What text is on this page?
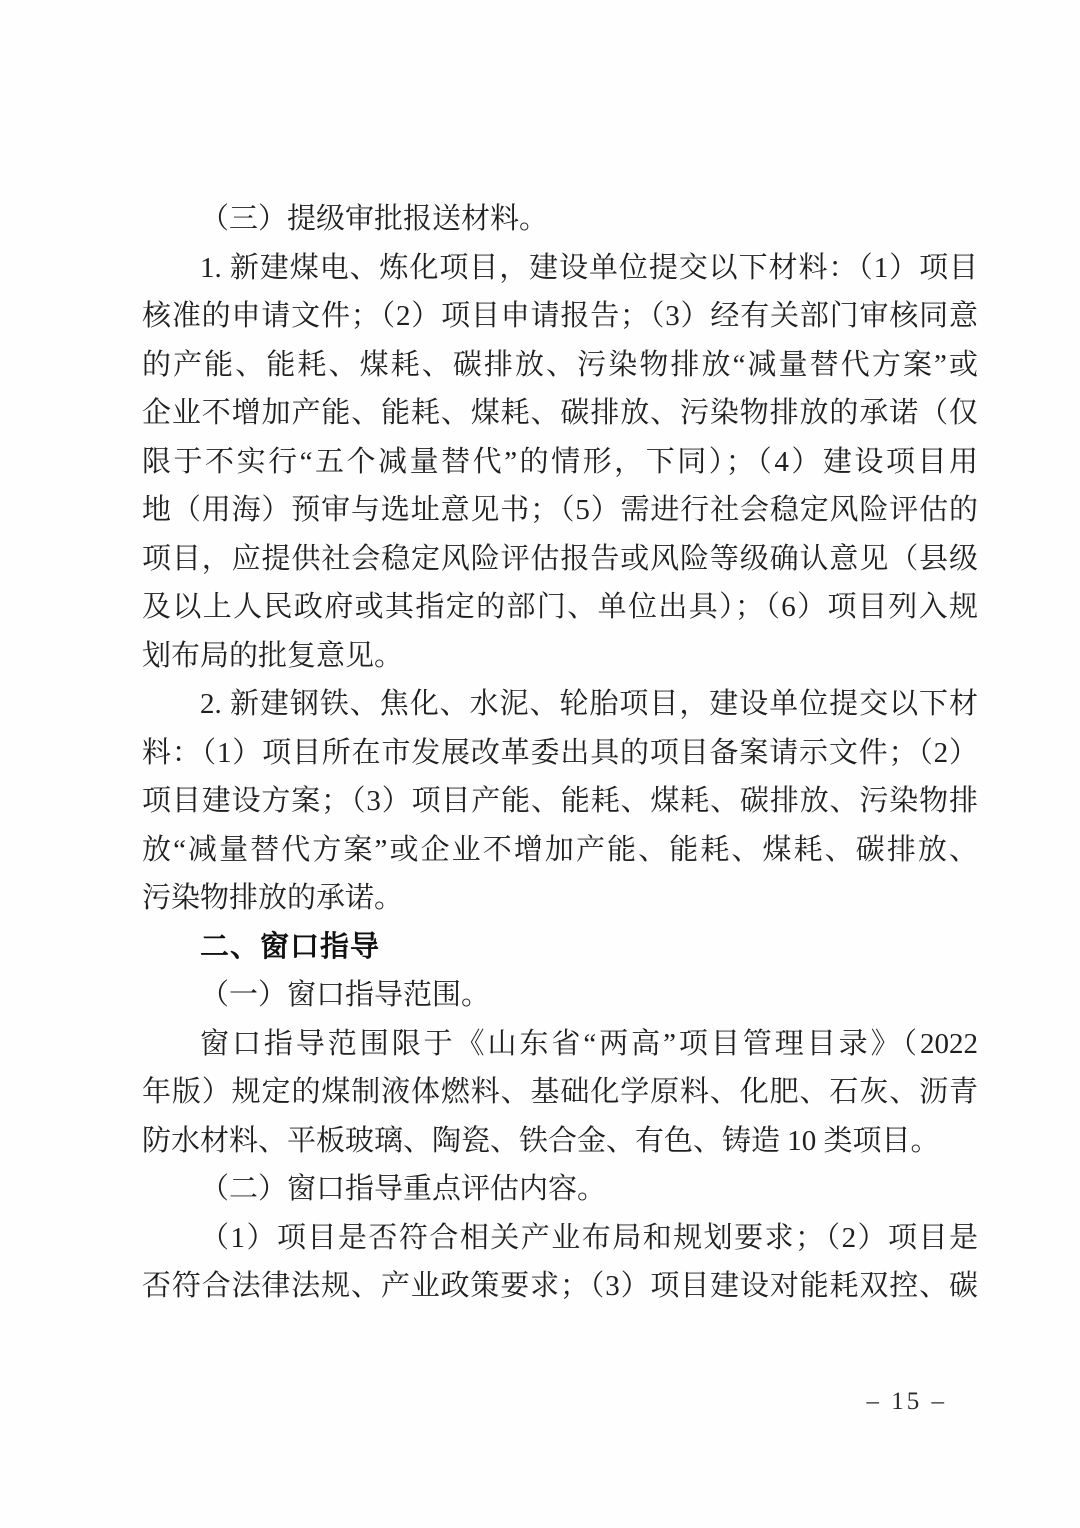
（三）提级审批报送材料。
1. 新建煤电、炼化项目，建设单位提交以下材料：（1）项目
核准的申请文件；（2）项目申请报告；（3）经有关部门审核同意
的产能、能耗、煤耗、碳排放、污染物排放“减量替代方案”或
企业不增加产能、能耗、煤耗、碳排放、污染物排放的承诺（仅
限于不实行“五个减量替代”的情形，下同）；（4）建设项目用
地（用海）预审与选址意见书；（5）需进行社会稳定风险评估的
项目，应提供社会稳定风险评估报告或风险等级确认意见（县级
及以上人民政府或其指定的部门、单位出具）；（6）项目列入规
划布局的批复意见。
2. 新建钢铁、焦化、水泥、轮胎项目，建设单位提交以下材
料：（1）项目所在市发展改革委出具的项目备案请示文件；（2）
项目建设方案；（3）项目产能、能耗、煤耗、碳排放、污染物排
放“减量替代方案”或企业不增加产能、能耗、煤耗、碳排放、
污染物排放的承诺。
二、窗口指导
（一）窗口指导范围。
窗口指导范围限于《山东省“两高”项目管理目录》（2022
年版）规定的煤制液体燃料、基础化学原料、化肥、石灰、沥青
防水材料、平板玻璃、陶瓷、铁合金、有色、铸造 10 类项目。
（二）窗口指导重点评估内容。
（1）项目是否符合相关产业布局和规划要求；（2）项目是
否符合法律法规、产业政策要求；（3）项目建设对能耗双控、碳
– 15 –
